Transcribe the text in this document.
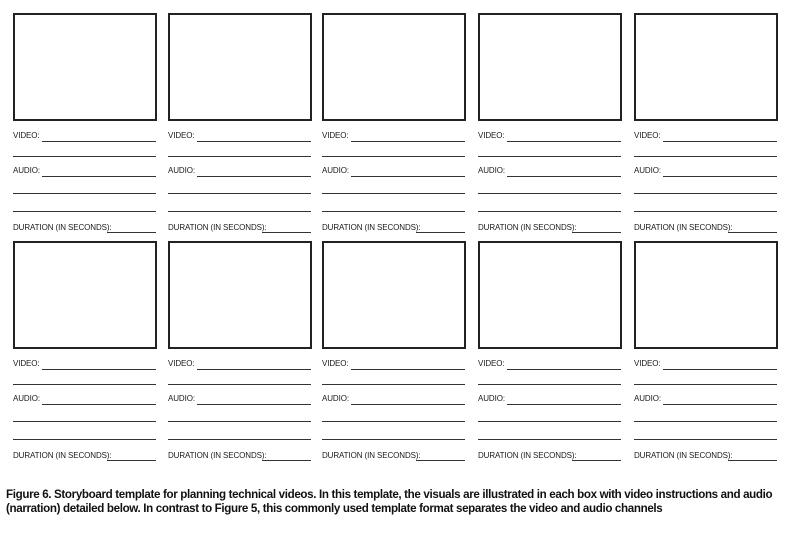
VIDEO:
AUDIO:
DURATION (IN SECONDS):
VIDEO:
AUDIO:
DURATION (IN SECONDS):
VIDEO:
AUDIO:
DURATION (IN SECONDS):
VIDEO:
AUDIO:
DURATION (IN SECONDS):
VIDEO:
AUDIO:
DURATION (IN SECONDS):
VIDEO:
AUDIO:
DURATION (IN SECONDS):
VIDEO:
AUDIO:
DURATION (IN SECONDS):
VIDEO:
AUDIO:
DURATION (IN SECONDS):
VIDEO:
AUDIO:
DURATION (IN SECONDS):
VIDEO:
AUDIO:
DURATION (IN SECONDS):
Figure 6. Storyboard template for planning technical videos. In this template, the visuals are illustrated in each box with video instructions and audio (narration) detailed below. In contrast to Figure 5, this commonly used template format separates the video and audio channels
